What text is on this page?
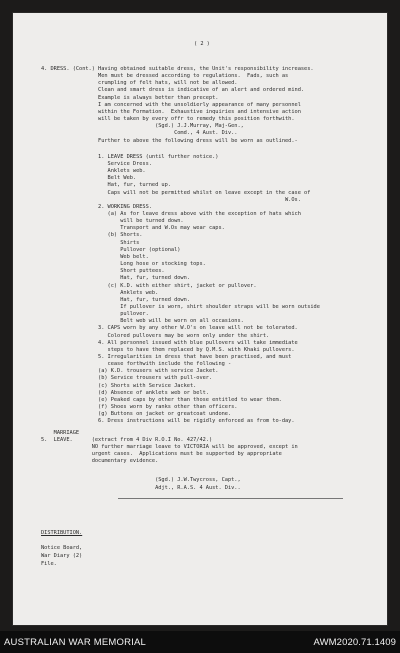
( 2 )
4. DRESS. (Cont.) Having obtained suitable dress, the Unit's responsibility increases.
Men must be dressed according to regulations.  Fads, such as
crumpling of felt hats, will not be allowed.
Clean and smart dress is indicative of an alert and ordered mind.
Example is always better than precept.
I am concerned with the unsoldierly appearance of many personnel
within the Formation.  Exhaustive inquiries and intensive action
will be taken by every offr to remedy this position forthwith.
(Sgd.) J.J.Murray, Maj-Gen.,
Comd., 4 Aust. Div..
Further to above the following dress will be worn as outlined.-
1. LEAVE DRESS (until further notice.)
Service Dress.
Anklets web.
Belt Web.
Hat, fur, turned up.
Caps will not be permitted whilst on leave except in the case of
W.Os.
2. WORKING DRESS.
(a) As for leave dress above with the exception of hats which
will be turned down.
Transport and W.Os may wear caps.
(b) Shorts.
Shirts
Pullover (optional)
Web belt.
Long hose or stocking tops.
Short puttees.
Hat, fur, turned down.
(c) K.D. with either shirt, jacket or pullover.
Anklets web.
Hat, fur, turned down.
If pullover is worn, shirt shoulder straps will be worn outside
pullover.
Belt web will be worn on all occasions.
3. CAPS worn by any other W.O's on leave will not be tolerated.
Colored pullovers may be worn only under the shirt.
4. All personnel issued with blue pullovers will take immediate
steps to have them replaced by Q.M.S. with Khaki pullovers.
5. Irregularities in dress that have been practised, and must
cease forthwith include the following -
(a) K.D. trousers with service Jacket.
(b) Service trousers with pull-over.
(c) Shorts with Service Jacket.
(d) Absence of anklets web or belt.
(e) Peaked caps by other than those entitled to wear them.
(f) Shoes worn by ranks other than officers.
(g) Buttons on jacket or greatcoat undone.
6. Dress instructions will be rigidly enforced as from to-day.
MARRIAGE
5.  LEAVE.      (extract from 4 Div R.O.I No. 427/42.)
NO further marriage leave to VICTORIA will be approved, except in
urgent cases.  Applications must be supported by appropriate
documentary evidence.
(Sgd.) J.W.Twycross, Capt.,
Adjt., R.A.S. 4 Aust. Div..
DISTRIBUTION.
Notice Board,
War Diary (2)
File.
AUSTRALIAN WAR MEMORIAL	AWM2020.71.1409
